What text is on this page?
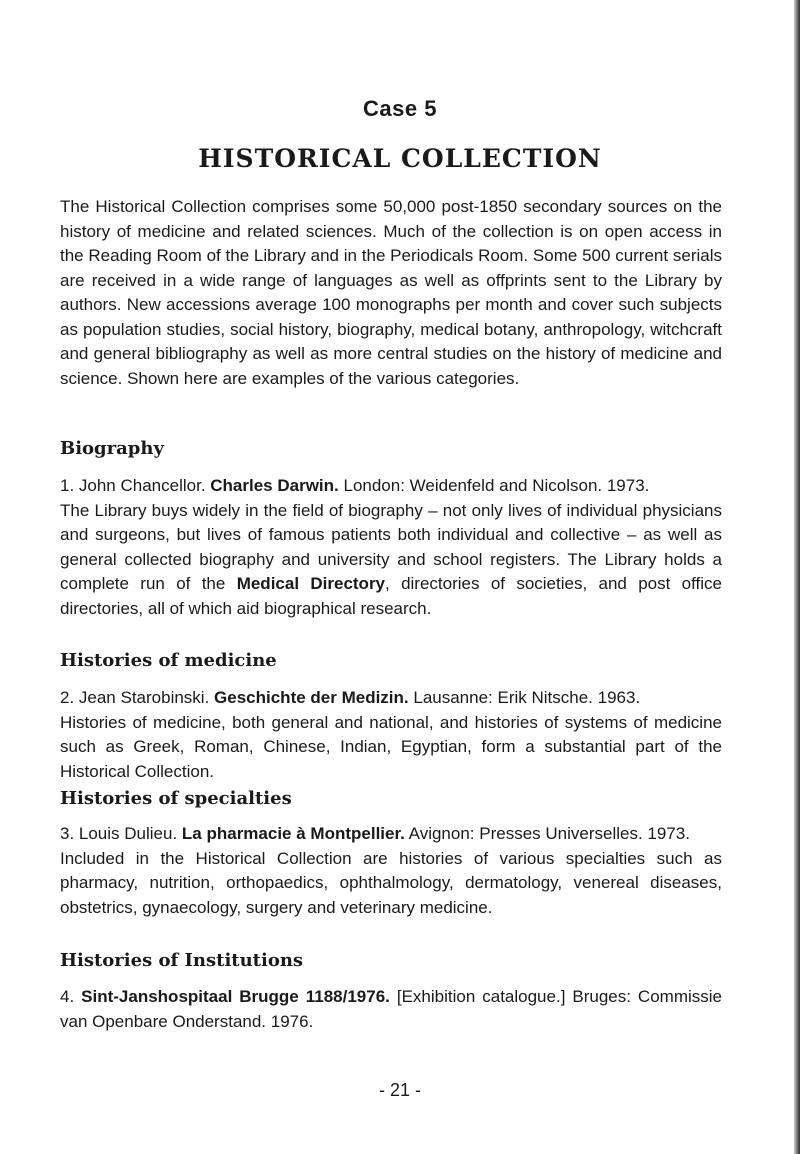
Case 5
HISTORICAL COLLECTION

The Historical Collection comprises some 50,000 post-1850 secondary sources on the history of medicine and related sciences. Much of the collection is on open access in the Reading Room of the Library and in the Periodicals Room. Some 500 current serials are received in a wide range of languages as well as offprints sent to the Library by authors. New accessions average 100 monographs per month and cover such subjects as population studies, social history, biography, medical botany, anthropology, witchcraft and general bibliography as well as more central studies on the history of medicine and science. Shown here are examples of the various categories.

Biography

1. John Chancellor. Charles Darwin. London: Weidenfeld and Nicolson. 1973.

The Library buys widely in the field of biography – not only lives of individual physicians and surgeons, but lives of famous patients both individual and collective – as well as general collected biography and university and school registers. The Library holds a complete run of the Medical Directory, directories of societies, and post office directories, all of which aid biographical research.

Histories of medicine

2. Jean Starobinski. Geschichte der Medizin. Lausanne: Erik Nitsche. 1963.

Histories of medicine, both general and national, and histories of systems of medicine such as Greek, Roman, Chinese, Indian, Egyptian, form a substantial part of the Historical Collection.

Histories of specialties

3. Louis Dulieu. La pharmacie à Montpellier. Avignon: Presses Universelles. 1973.

Included in the Historical Collection are histories of various specialties such as pharmacy, nutrition, orthopaedics, ophthalmology, dermatology, venereal diseases, obstetrics, gynaecology, surgery and veterinary medicine.

Histories of Institutions

4. Sint-Janshospitaal Brugge 1188/1976. [Exhibition catalogue.] Bruges: Commissie van Openbare Onderstand. 1976.

- 21 -
